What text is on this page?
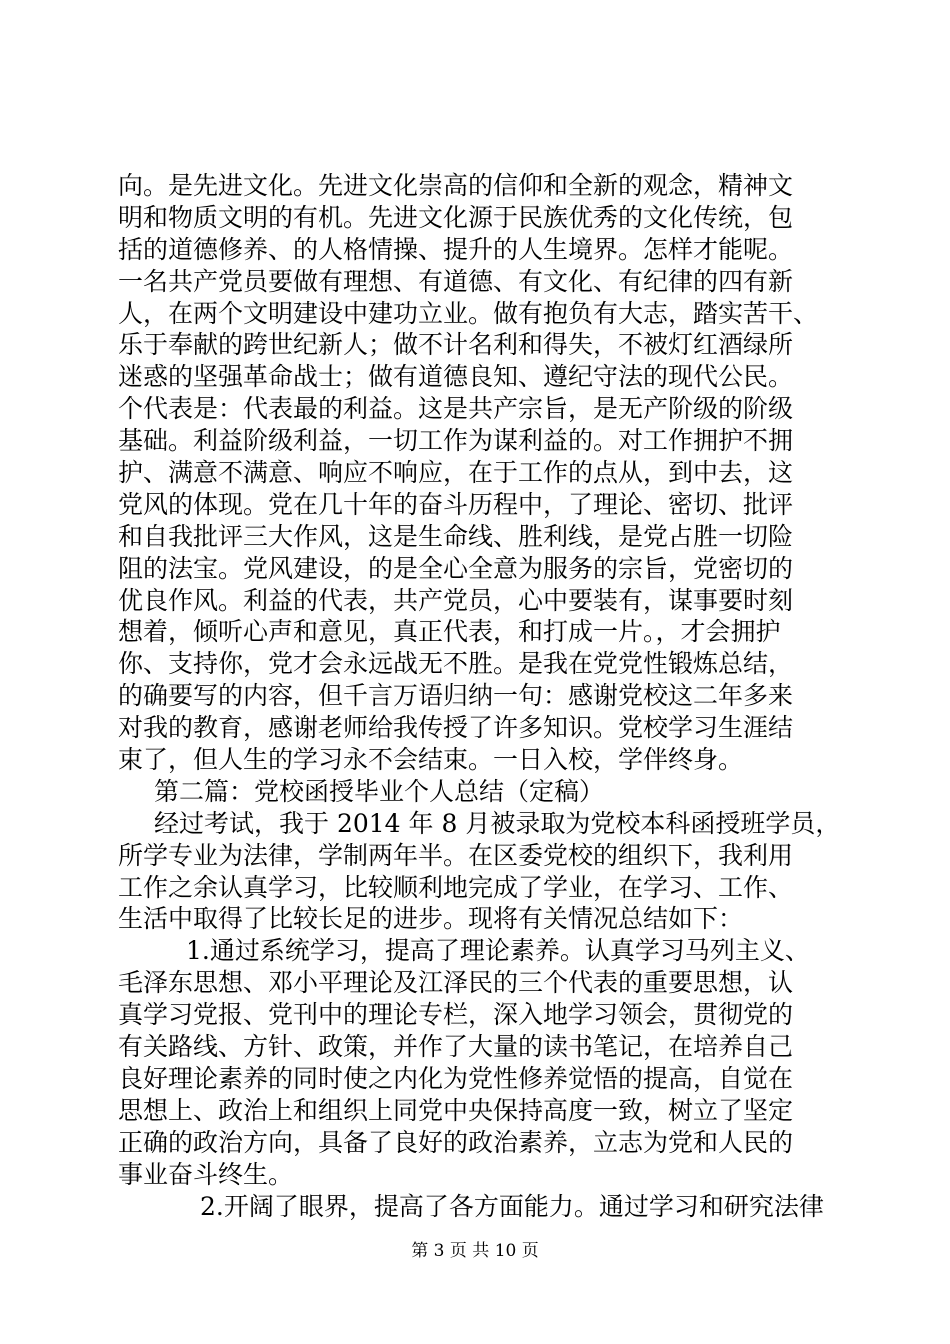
向。是先进文化。先进文化崇高的信仰和全新的观念，精神文
明和物质文明的有机。先进文化源于民族优秀的文化传统，包
括的道德修养、的人格情操、提升的人生境界。怎样才能呢。
一名共产党员要做有理想、有道德、有文化、有纪律的四有新
人，在两个文明建设中建功立业。做有抱负有大志，踏实苦干、
乐于奉献的跨世纪新人；做不计名利和得失，不被灯红酒绿所
迷惑的坚强革命战士；做有道德良知、遵纪守法的现代公民。
个代表是：代表最的利益。这是共产宗旨，是无产阶级的阶级
基础。利益阶级利益，一切工作为谋利益的。对工作拥护不拥
护、满意不满意、响应不响应，在于工作的点从，到中去，这
党风的体现。党在几十年的奋斗历程中，了理论、密切、批评
和自我批评三大作风，这是生命线、胜利线，是党占胜一切险
阻的法宝。党风建设，的是全心全意为服务的宗旨，党密切的
优良作风。利益的代表，共产党员，心中要装有，谋事要时刻
想着，倾听心声和意见，真正代表，和打成一片。，才会拥护
你、支持你，党才会永远战无不胜。是我在党党性锻炼总结，
的确要写的内容，但千言万语归纳一句：感谢党校这二年多来
对我的教育，感谢老师给我传授了许多知识。党校学习生涯结
束了，但人生的学习永不会结束。一日入校，学伴终身。
第二篇：党校函授毕业个人总结（定稿）
经过考试，我于 2014 年 8 月被录取为党校本科函授班学员，
所学专业为法律，学制两年半。在区委党校的组织下，我利用
工作之余认真学习，比较顺利地完成了学业，在学习、工作、
生活中取得了比较长足的进步。现将有关情况总结如下：
1.通过系统学习，提高了理论素养。认真学习马列主义、
毛泽东思想、邓小平理论及江泽民的三个代表的重要思想，认
真学习党报、党刊中的理论专栏，深入地学习领会，贯彻党的
有关路线、方针、政策，并作了大量的读书笔记，在培养自己
良好理论素养的同时使之内化为党性修养觉悟的提高，自觉在
思想上、政治上和组织上同党中央保持高度一致，树立了坚定
正确的政治方向，具备了良好的政治素养，立志为党和人民的
事业奋斗终生。
2.开阔了眼界，提高了各方面能力。通过学习和研究法律
第 3 页 共 10 页
